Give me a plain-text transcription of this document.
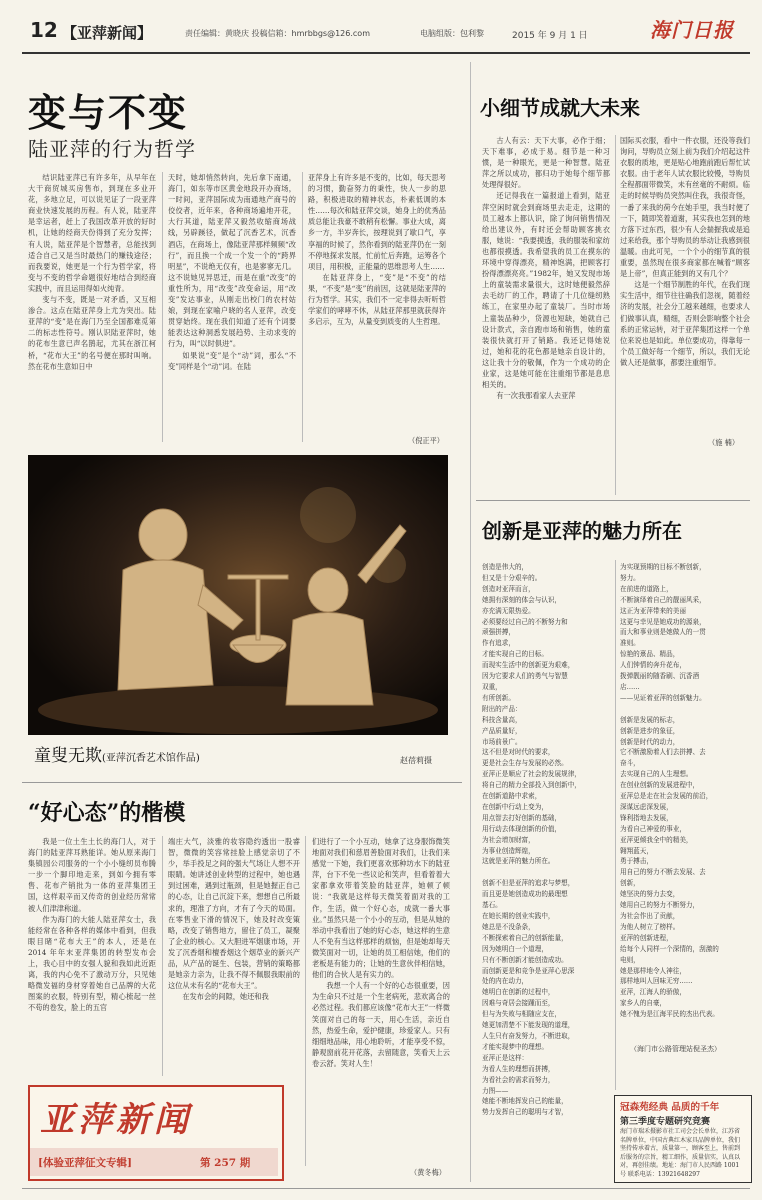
12 【亚萍新闻】	责任编辑：黄晓庆 投稿信箱：hmrbbgs@126.com	电脑组版：包利黎	2015 年 9 月 1 日	海门日报
变与不变
陆亚萍的行为哲学

结识陆亚萍已有许多年，从早年在大干商贸城买房售布，到现在多业开花，多地立足，可以说见证了一段亚萍商业快速发展的历程。有人说，陆亚萍是幸运者，赶上了我国改革开放的好时机，让她的经商天份得到了充分发挥；有人说，陆亚萍是个智慧者，总能找到适合自己又是当时最热门的赚钱途径；而我要说，她更是一个行为哲学家，将变与不变的哲学命题很好地结合到经商实践中，而且运用得如火纯青。

变与不变，既是一对矛盾，又互相渗合。这点在陆亚萍身上尤为突出。陆亚萍的“变”是在海门乃至全国都难觅第二的标志性符号。刚认识陆亚萍时，她的花布生意已声名鹊起，尤其在浙江柯桥，“花布大王”的名号便在那时叫响。然在花布生意如日中

天时，她却悄然转向，先后拿下南通，海门，如东等市区黄金地段开办商场，一时间，亚萍国际成为南通地产商号的佼佼者，近年来，各种商场遍地开花，大行其道，陆亚萍又毅然收缩商场战线，另辟蹊径，做起了沉香艺术，沉香酒店，在商场上，像陆亚萍那样频频“改行”，而且换一个成一个发一个的“跨界明星”，不说绝无仅有，也是寥寥无几。这不说她见异思迁，而是在重“改变”的重性所为，用“改变”改变命运，用“改变”发达事业，从刚走出校门的农村姑娘，到现在家喻户晓的名人亚萍，改变贯穿始终。现在我们知道了还有个词要能表达这种洞悉发展趋势、主动求变的行为，叫“以时俱进”。

如果说“变”是个“动”词，那么“不变”同样是个“动”词。在陆

亚萍身上有许多是不变的，比如，每天思考的习惯，勤奋努力的秉性，快人一步的思路，积极进取的精神状态，朴素低调的本性……每次和陆亚萍交谈，她身上的优秀品质总能让我豪不敢稍有松懈。事业大成，离乡一方，半岁奔长，按理说到了歇口气，享享福的时候了，然你看到的陆亚萍仍在一刻不停地探求发展，忙前忙后奔跑，运筹各个项目，用积极，正能量的思维思考人生……

在陆亚萍身上，“变”是“不变”的结果，“不变”是“变”的前因，这就是陆亚萍的行为哲学。其实，我们不一定非得去听听哲学家们的哮哮不休，从陆亚萍那里就获得许多启示，互为，从量变到质变的人生哲理。

（倪正平）
童叟无欺(亚萍沉香艺术馆作品)	赵蓓莉摄
小细节成就大未来

古人有云：天下大事，必作于细；天下难事，必成于易。细节是一种习惯，是一种眼光，更是一种智慧。陆亚萍之所以成功，都归功于她每个细节都处理得很好。

还记得我在一篇报道上看到，陆亚萍空闲时就会到商场里去走走，这期的员工越本上都认识，除了询问销售情况给出建议外，有时还会帮助顾客挑衣服，她说：“我要摸透，我的服装和家纺也都很摸透。我希望我的员工在摸东的环境中穿得漂亮，精神饱满，把顾客打扮得漂漂亮亮。”1982年，她又发现市场上的童装需求量很大，这时她便毅然辞去毛纺厂的工作，聘请了十几位缝纫熟练工，在家里办起了童装厂。当时市场上童装品种少，货源也短缺，她就自己设计款式，亲自跑市场和销售，她的童装很快就打开了销路。我还记得她说过，她和花的花色都是她亲自设计的，这让我十分的敬佩，作为一个成功的企业家，这是她可能在注重细节都是息息相关的。

有一次我那看家人去亚萍

国际买衣服，看中一件衣服，还没等我们询问，导购员立刻上前为我们介绍起这件衣服的质地，更是贴心地跑前跑后帮忙试衣服。由于老年人试衣服比较慢，导购员全程都面带微笑，未有丝毫的不耐烦。临走的时候导购员突然叫住我，我很奇怪，一番了来我的荷今在她手里，我当时便了一下，随即笑着道谢，其实我也怎到的地方落下过东西，很少有人会揣握我或是追过来给我，那个导购员的举动让我感到很温暖。由此可见，一个个小的细节真的很重要，虽然现在很多商家都在喊着“顾客是上帝”，但真正能到的又有几个？

这是一个细节制胜的年代，在我们现实生活中，细节往往确我们忽视，随着经济的发展，社会分工越来越细，也要求人们做事认真，精细，否则会影响整个社会系的正常运转，对于亚萍集团这样一个单位来说也是如此。单位要成功，得靠每一个员工做好每一个细节，所以，我们无论做人还是做事，都要注重细节。

（施 楠）
创新是亚萍的魅力所在
创造是伟大的，
但又是十分艰辛的。
创造对亚萍而言，
她拥有深刻的体会与认识，
亦充满无限热爱。
必须要经过自己的不断努力和
顽强拼搏，
作有追求，
才能实现自己的目标。
而现实生活中的创新更为艰难，
因为它要求人们的勇气与智慧
双重，
有所创新。
附出的产品：
科技含量高，
产品质量好，
市场前景广。
这不但是对时代的要求，
更是社会生存与发展的必然。
亚萍正是顺应了社会的发展规律，
将自己的精力全部投入到创新中，
在创新道路中求索，
在创新中行动上变为，
用点智去打好创新的基础，
用行动去体现创新的价值，
为社会增加财富，
为事业创造辉煌，
这就是亚萍的魅力所在。

创新不但是亚萍的追求与梦想，
而且更是她创造成功的最理想
基石。
在她长期的创业实践中，
她总是不没条条，
不断探索着自己的创新能量，
因为她明白一个道理，
只有不断创新才能创造成功。
而创新更是和竞争是亚萍心思深
处的内在动力，
她明白在创新的过程中，
因难与奇居会接踵而至，
但与为失败与相随应支在，
她更加清楚不下能发现的道理，
人生只有奋发努力，不断进取，
才能实现梦中的理想。
亚萍正是这样：
为看人生的理想而拼搏，
为看社会的需求而努力，
力图——
她能不断地挥发自己的能量，
势力发挥自己的聪明与才智，
为实现预期的目标不断创新，
努力。
在前进的道路上，
不断演绎着自己的靓丽风采，
这正为亚萍带来的美丽
这更与幸见是她成功的源泉，
而大和事业则是她做人的一贯
准则。
惊艳的熹品、精品，
人们钟情的奔升花布，
拨弹靓丽的随香刷、沉香酒
店……
——见证着亚萍的创新魅力。

创新是发展的标志，
创新是进步的象征，
创新是时代的动力，
它不断激励着人们去拼搏、去
奋斗，
去实现自己的人生理想。
在创业创新的发展进程中，
亚萍总是走在社会发展的前沿，
深谋远虑深发展，
锋利指地去发展，
为看自己神爱的事业，
亚萍更倾我全中的精美，
翱翔蓝天，
勇于搏击，
用自己的努力不断去发展、去
创新，
她坚决的努力去变，
她用自己的努力不断努力，
为社会作出了贡献，
为他人树立了榜样。
亚萍的创新进程，
给每个人同样一个深情的，刮激的
电则，
她是那样地令人神往，
那样地叫人回味无穷……
亚萍，江海人的骄傲，
家乡人的自豪，
她不愧为是江海平民的杰出代表。
（海门市公路管理站倪圣杰）
“好心态”的楷模

我是一位土生土长的海门人，对于海门的陆亚萍耳熟能详。她从原来海门集镇园公司服务的一个小小缝纫员布腾一步一个脚印地走来，到如今拥有零售、花布产销批为一体的亚萍集团王国，这样艰辛而又传奇的创业经历常常被人们津津称道。

作为海门的大能人陆亚萍女士，我能经常在各种各样的媒体中看到，但我眼目睹“花布大王”的本人，还是在 2014 年年末亚萍集团的转型发布会上，我心目中的女强人貌和我如此近距离，我的内心免不了激动万分，只见她略微发福的身材穿着她自己品牌的大花图案的衣服，特别有型，精心梳起一丝不苟的卷发，脸上的五官

端庄大气，淡雅的妆容隐约透出一股睿智，微微的笑容常挂脸上感觉亲切了不少，举手投足之间的强大气场让人想不开眼睛。她讲述创业转型的过程中，她也遇到过困难，遇到过瓶颈，但是她握正自己的心态，让自己沉淀下来，想想自己所最求的，理准了方向，才有了今天的局面。在零售业下滑的情况下，她及时改变策略，改变了销售地方，留住了员工，凝聚了企业的核心。又大胆进军烟康市场，开发了沉香烟和檀香烟这个烟草业的新兴产品，从产品的诞生、包装，营销的策略都是她亲力亲为，让我不得不佩服我眼前的这位从未有名的“花布大王”。

在发布会的间隙，她还和我

们进行了一个小互动，她拿了这身服饰微笑地面对我们和慈眉善脸面对我们，让我们来感觉一下她，我们更喜欢那种坊水下的陆亚萍，台下不免一些议论和笑声，但看着着大家都拿欢带着笑脸的陆亚萍，她顿了顿说：“我就是这样每天微笑着面对我的工作，生活，做一个好心态，成就一番大事业。”虽然只是一个小小的互动，但是从她的举动中我看出了她的好心态，她这样的生意人不免有当这样那样的烦恼，但是她却每天微笑面对一切，让她的员工相信她，他们的老板是有能力的；让她的生意伙伴相信她，他们的合伙人是有实力的。

我想一个人有一个好的心态很重要，因为生命只不过是一个生老病死，悲欢离合的必然过程。我们都应该像“花布大王”一样微笑面对自己的每一天，用心生活，亲近自然，热爱生命，爱护健康，珍爱家人。只有细细地品味，用心地聆听，才能享受不惊，静观窗前花开花落，去留随意，笑看天上云卷云舒。笑对人生！

（黄冬梅）
亚萍新闻
[体验亚萍征文专辑]	第 257 期
冠森苑经典 品质的千年
第三季度专题研究竞赛
海门市瑞禾摄影市社工司会会长单位，江苏省名牌单位，中国古典红木家具品牌单位，我们坚持传承着古，质量第一，顾客至上，售前到后服务的宗旨，精工细作，质量信实，认真以对，再创佳绩。地址：海门市人民西路 1001 号 联系电话：13921648297
